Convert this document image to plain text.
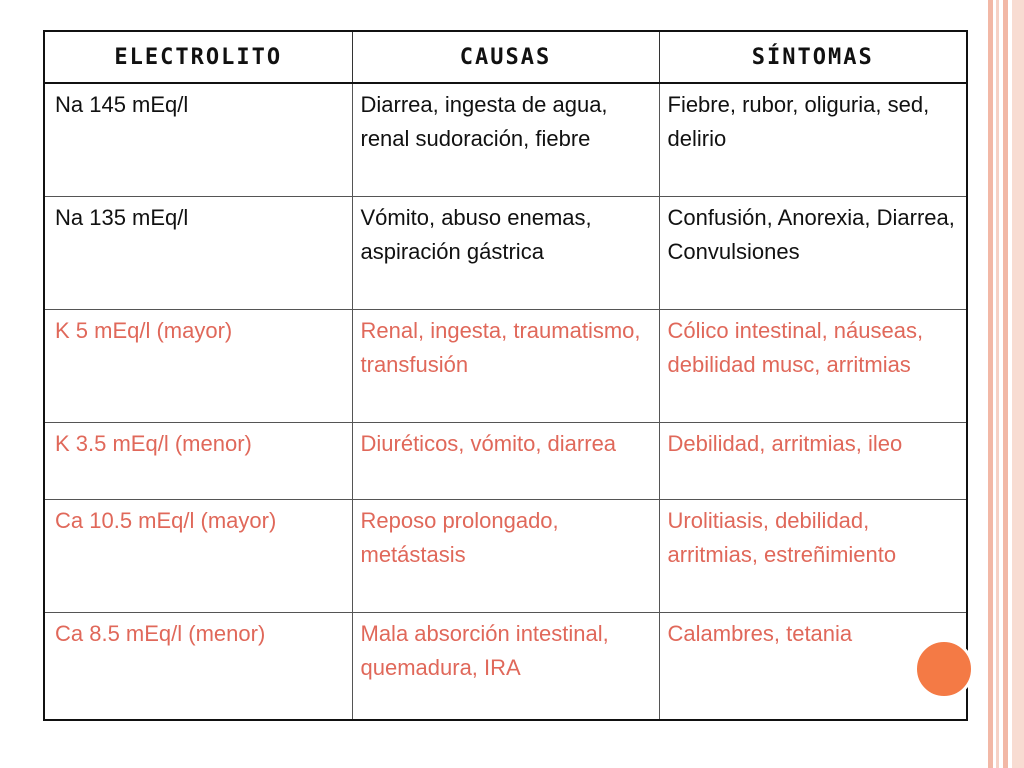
ELECTROLITO	CAUSAS	SÍNTOMAS
Na 145 mEq/l	Diarrea, ingesta de agua, renal sudoración, fiebre	Fiebre, rubor, oliguria, sed, delirio
Na 135 mEq/l	Vómito, abuso enemas, aspiración gástrica	Confusión, Anorexia, Diarrea, Convulsiones
K 5 mEq/l (mayor)	Renal, ingesta, traumatismo, transfusión	Cólico intestinal, náuseas, debilidad musc, arritmias
K 3.5 mEq/l (menor)	Diuréticos, vómito, diarrea	Debilidad, arritmias, ileo
Ca 10.5 mEq/l (mayor)	Reposo prolongado, metástasis	Urolitiasis, debilidad, arritmias, estreñimiento
Ca 8.5 mEq/l (menor)	Mala absorción intestinal, quemadura, IRA	Calambres, tetania
